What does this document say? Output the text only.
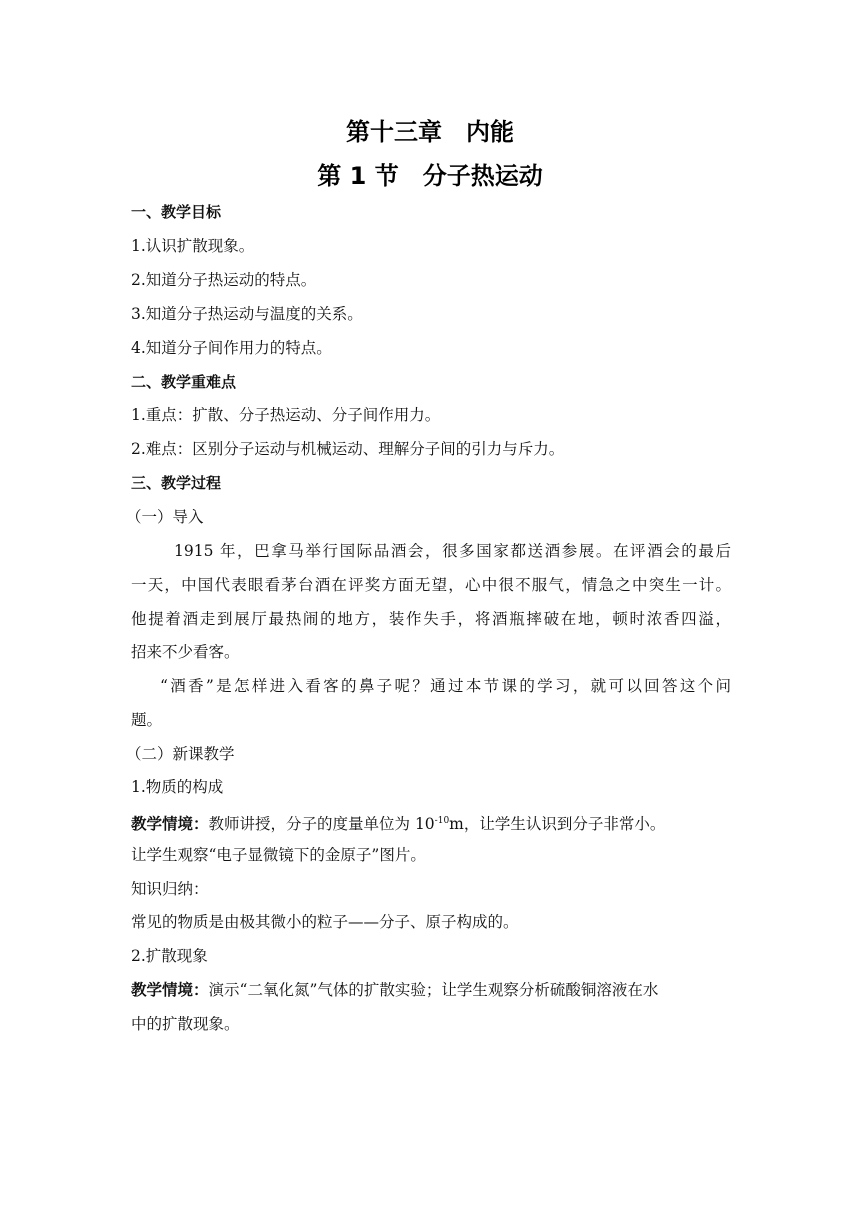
第十三章　内能
第 1 节　分子热运动
一、教学目标
1.认识扩散现象。
2.知道分子热运动的特点。
3.知道分子热运动与温度的关系。
4.知道分子间作用力的特点。
二、教学重难点
1.重点：扩散、分子热运动、分子间作用力。
2.难点：区别分子运动与机械运动、理解分子间的引力与斥力。
三、教学过程
（一）导入
1915 年，巴拿马举行国际品酒会，很多国家都送酒参展。在评酒会的最后
一天，中国代表眼看茅台酒在评奖方面无望，心中很不服气，情急之中突生一计。
他提着酒走到展厅最热闹的地方，装作失手，将酒瓶摔破在地，顿时浓香四溢，
招来不少看客。
“酒香”是怎样进入看客的鼻子呢？通过本节课的学习，就可以回答这个问
题。
（二）新课教学
1.物质的构成
教学情境：教师讲授，分子的度量单位为 $10^{-10}m$，让学生认识到分子非常小。
让学生观察“电子显微镜下的金原子”图片。
知识归纳：
常见的物质是由极其微小的粒子——分子、原子构成的。
2.扩散现象
教学情境：演示“二氧化氮”气体的扩散实验；让学生观察分析硫酸铜溶液在水
中的扩散现象。
